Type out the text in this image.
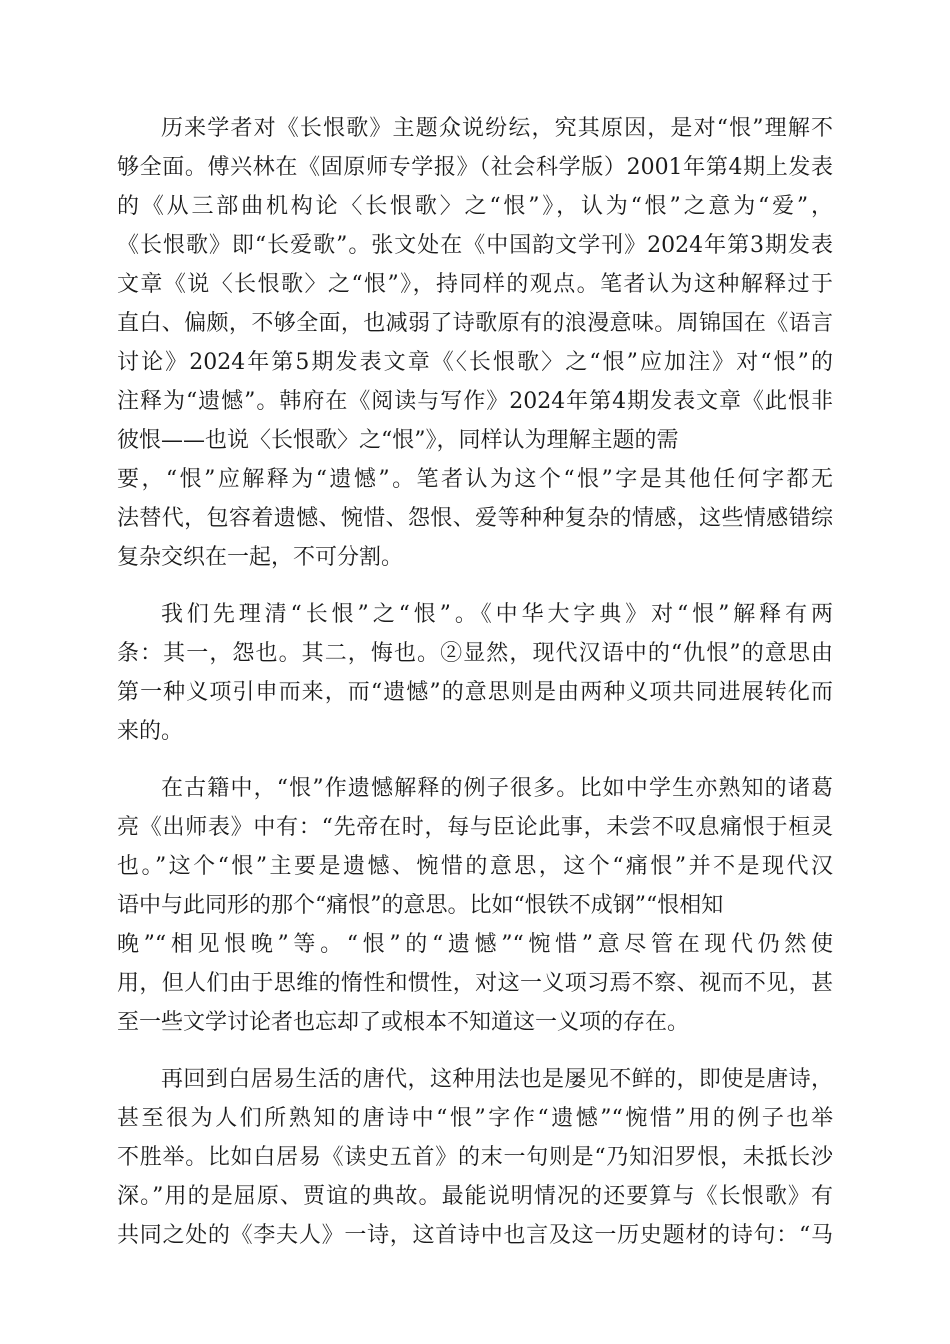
历来学者对《长恨歌》主题众说纷纭，究其原因，是对“恨”理解不
够全面。傅兴林在《固原师专学报》（社会科学版）2001年第4期上发表
的《从三部曲机构论〈长恨歌〉之“恨”》，认为“恨”之意为“爱”，
《长恨歌》即“长爱歌”。张文处在《中国韵文学刊》2024年第3期发表
文章《说〈长恨歌〉之“恨”》，持同样的观点。笔者认为这种解释过于
直白、偏颇，不够全面，也减弱了诗歌原有的浪漫意味。周锦国在《语言
讨论》2024年第5期发表文章《〈长恨歌〉之“恨”应加注》对“恨”的
注释为“遗憾”。韩府在《阅读与写作》2024年第4期发表文章《此恨非
彼恨——也说〈长恨歌〉之“恨”》，同样认为理解主题的需
要，“恨”应解释为“遗憾”。笔者认为这个“恨”字是其他任何字都无
法替代，包容着遗憾、惋惜、怨恨、爱等种种复杂的情感，这些情感错综
复杂交织在一起，不可分割。
我们先理清“长恨”之“恨”。《中华大字典》对“恨”解释有两
条：其一，怨也。其二，悔也。②显然，现代汉语中的“仇恨”的意思由
第一种义项引申而来，而“遗憾”的意思则是由两种义项共同进展转化而
来的。
在古籍中，“恨”作遗憾解释的例子很多。比如中学生亦熟知的诸葛
亮《出师表》中有：“先帝在时，每与臣论此事，未尝不叹息痛恨于桓灵
也。”这个“恨”主要是遗憾、惋惜的意思，这个“痛恨”并不是现代汉
语中与此同形的那个“痛恨”的意思。比如“恨铁不成钢”“恨相知
晚”“相见恨晚”等。“恨”的“遗憾”“惋惜”意尽管在现代仍然使
用，但人们由于思维的惰性和惯性，对这一义项习焉不察、视而不见，甚
至一些文学讨论者也忘却了或根本不知道这一义项的存在。
再回到白居易生活的唐代，这种用法也是屡见不鲜的，即使是唐诗，
甚至很为人们所熟知的唐诗中“恨”字作“遗憾”“惋惜”用的例子也举
不胜举。比如白居易《读史五首》的末一句则是“乃知汨罗恨，未抵长沙
深。”用的是屈原、贾谊的典故。最能说明情况的还要算与《长恨歌》有
共同之处的《李夫人》一诗，这首诗中也言及这一历史题材的诗句：“马
